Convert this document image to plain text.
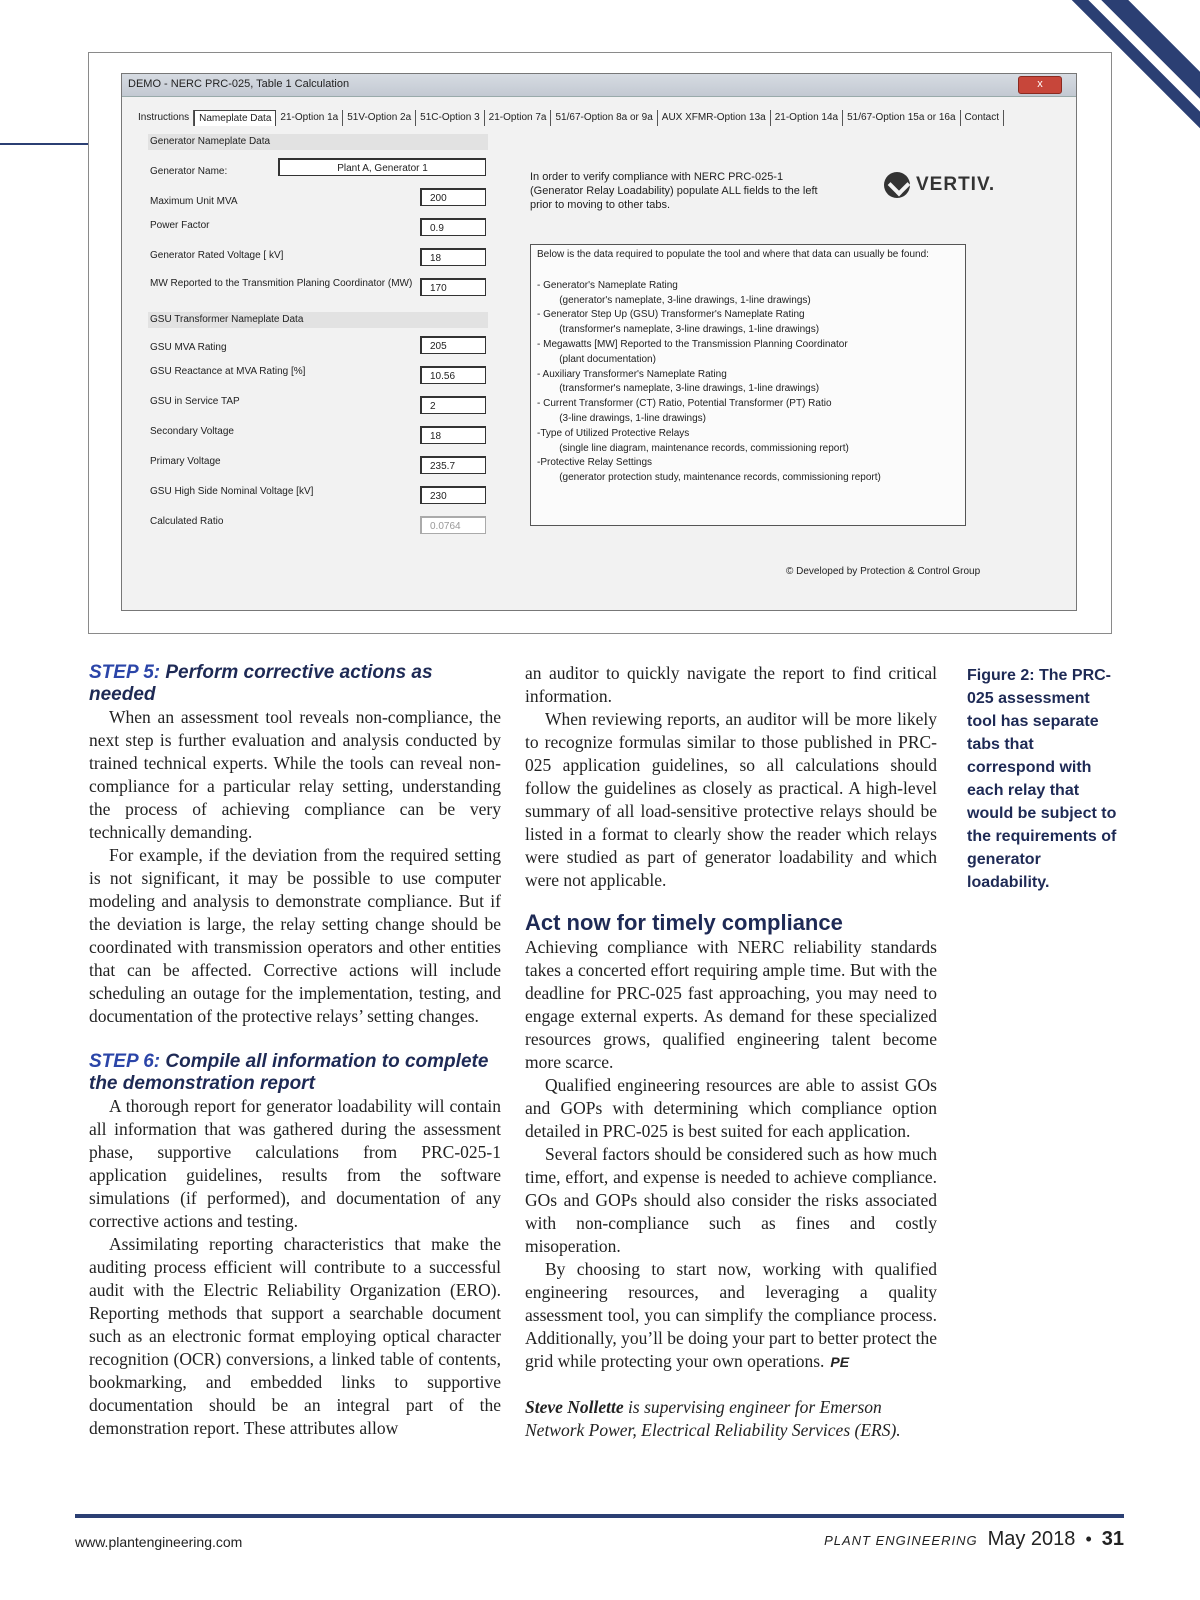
DEMO - NERC PRC-025, Table 1 Calculation	x
Instructions	Nameplate Data 21-Option 1a 51V-Option 2a 51C-Option 3 21-Option 7a 51/67-Option 8a or 9a AUX XFMR-Option 13a 21-Option 14a 51/67-Option 15a or 16a Contact
Generator Nameplate Data
Generator Name:	Plant A, Generator 1
Maximum Unit MVA	200
Power Factor	0.9
Generator Rated Voltage [ kV]	18
MW Reported to the Transmition Planing Coordinator (MW)	170
GSU Transformer Nameplate Data
GSU MVA Rating	205
GSU Reactance at MVA Rating [%]	10.56
GSU in Service TAP	2
Secondary Voltage	18
Primary Voltage	235.7
GSU High Side Nominal Voltage [kV]	230
Calculated Ratio	0.0764
In order to verify compliance with NERC PRC-025-1 (Generator Relay Loadability) populate ALL fields to the left prior to moving to other tabs.
VERTIV.

Below is the data required to populate the tool and where that data can usually be found:

- Generator's Nameplate Rating

(generator's nameplate, 3-line drawings, 1-line drawings)

- Generator Step Up (GSU) Transformer's Nameplate Rating

(transformer's nameplate, 3-line drawings, 1-line drawings)

- Megawatts [MW] Reported to the Transmission Planning Coordinator

(plant documentation)

- Auxiliary Transformer's Nameplate Rating

(transformer's nameplate, 3-line drawings, 1-line drawings)

- Current Transformer (CT) Ratio, Potential Transformer (PT) Ratio

(3-line drawings, 1-line drawings)

-Type of Utilized Protective Relays

(single line diagram, maintenance records, commissioning report)

-Protective Relay Settings

(generator protection study, maintenance records, commissioning report)

© Developed by Protection & Control Group
STEP 5: Perform corrective actions as needed

When an assessment tool reveals non-compliance, the next step is further evaluation and analysis conducted by trained technical experts. While the tools can reveal non-compliance for a particular relay setting, understanding the process of achieving compliance can be very technically demanding.

For example, if the deviation from the required setting is not significant, it may be possible to use computer modeling and analysis to demonstrate compliance. But if the deviation is large, the relay setting change should be coordinated with transmission operators and other entities that can be affected. Corrective actions will include scheduling an outage for the implementation, testing, and documentation of the protective relays’ setting changes.

STEP 6: Compile all information to complete the demonstration report

A thorough report for generator loadability will contain all information that was gathered during the assessment phase, supportive calculations from PRC-025-1 application guidelines, results from the software simulations (if performed), and documentation of any corrective actions and testing.

Assimilating reporting characteristics that make the auditing process efficient will contribute to a successful audit with the Electric Reliability Organization (ERO). Reporting methods that support a searchable document such as an electronic format employing optical character recognition (OCR) conversions, a linked table of contents, bookmarking, and embedded links to supportive documentation should be an integral part of the demonstration report. These attributes allow

an auditor to quickly navigate the report to find critical information.

When reviewing reports, an auditor will be more likely to recognize formulas similar to those published in PRC-025 application guidelines, so all calculations should follow the guidelines as closely as practical. A high-level summary of all load-sensitive protective relays should be listed in a format to clearly show the reader which relays were studied as part of generator loadability and which were not applicable.

Act now for timely compliance

Achieving compliance with NERC reliability standards takes a concerted effort requiring ample time. But with the deadline for PRC-025 fast approaching, you may need to engage external experts. As demand for these specialized resources grows, qualified engineering talent become more scarce.

Qualified engineering resources are able to assist GOs and GOPs with determining which compliance option detailed in PRC-025 is best suited for each application.

Several factors should be considered such as how much time, effort, and expense is needed to achieve compliance. GOs and GOPs should also consider the risks associated with non-compliance such as fines and costly misoperation.

By choosing to start now, working with qualified engineering resources, and leveraging a quality assessment tool, you can simplify the compliance process. Additionally, you’ll be doing your part to better protect the grid while protecting your own operations. PE

Steve Nollette is supervising engineer for Emerson Network Power, Electrical Reliability Services (ERS).

Figure 2: The PRC-025 assessment tool has separate tabs that correspond with each relay that would be subject to the requirements of generator loadability.
www.plantengineering.com	PLANT ENGINEERING May 2018 • 31
